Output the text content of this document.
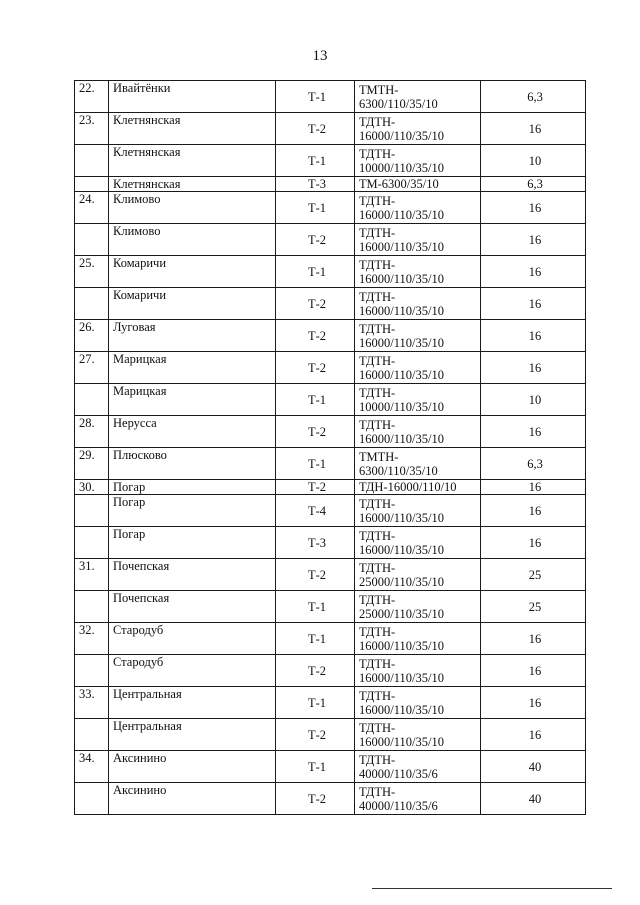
13
22.	Ивайтёнки	Т-1	ТМТН-
6300/110/35/10	6,3
23.	Клетнянская	Т-2	ТДТН-
16000/110/35/10	16
	Клетнянская	Т-1	ТДТН-
10000/110/35/10	10
	Клетнянская	Т-3	ТМ-6300/35/10	6,3
24.	Климово	Т-1	ТДТН-
16000/110/35/10	16
	Климово	Т-2	ТДТН-
16000/110/35/10	16
25.	Комаричи	Т-1	ТДТН-
16000/110/35/10	16
	Комаричи	Т-2	ТДТН-
16000/110/35/10	16
26.	Луговая	Т-2	ТДТН-
16000/110/35/10	16
27.	Марицкая	Т-2	ТДТН-
16000/110/35/10	16
	Марицкая	Т-1	ТДТН-
10000/110/35/10	10
28.	Нерусса	Т-2	ТДТН-
16000/110/35/10	16
29.	Плюсково	Т-1	ТМТН-
6300/110/35/10	6,3
30.	Погар	Т-2	ТДН-16000/110/10	16
	Погар	Т-4	ТДТН-
16000/110/35/10	16
	Погар	Т-3	ТДТН-
16000/110/35/10	16
31.	Почепская	Т-2	ТДТН-
25000/110/35/10	25
	Почепская	Т-1	ТДТН-
25000/110/35/10	25
32.	Стародуб	Т-1	ТДТН-
16000/110/35/10	16
	Стародуб	Т-2	ТДТН-
16000/110/35/10	16
33.	Центральная	Т-1	ТДТН-
16000/110/35/10	16
	Центральная	Т-2	ТДТН-
16000/110/35/10	16
34.	Аксинино	Т-1	ТДТН-
40000/110/35/6	40
	Аксинино	Т-2	ТДТН-
40000/110/35/6	40
